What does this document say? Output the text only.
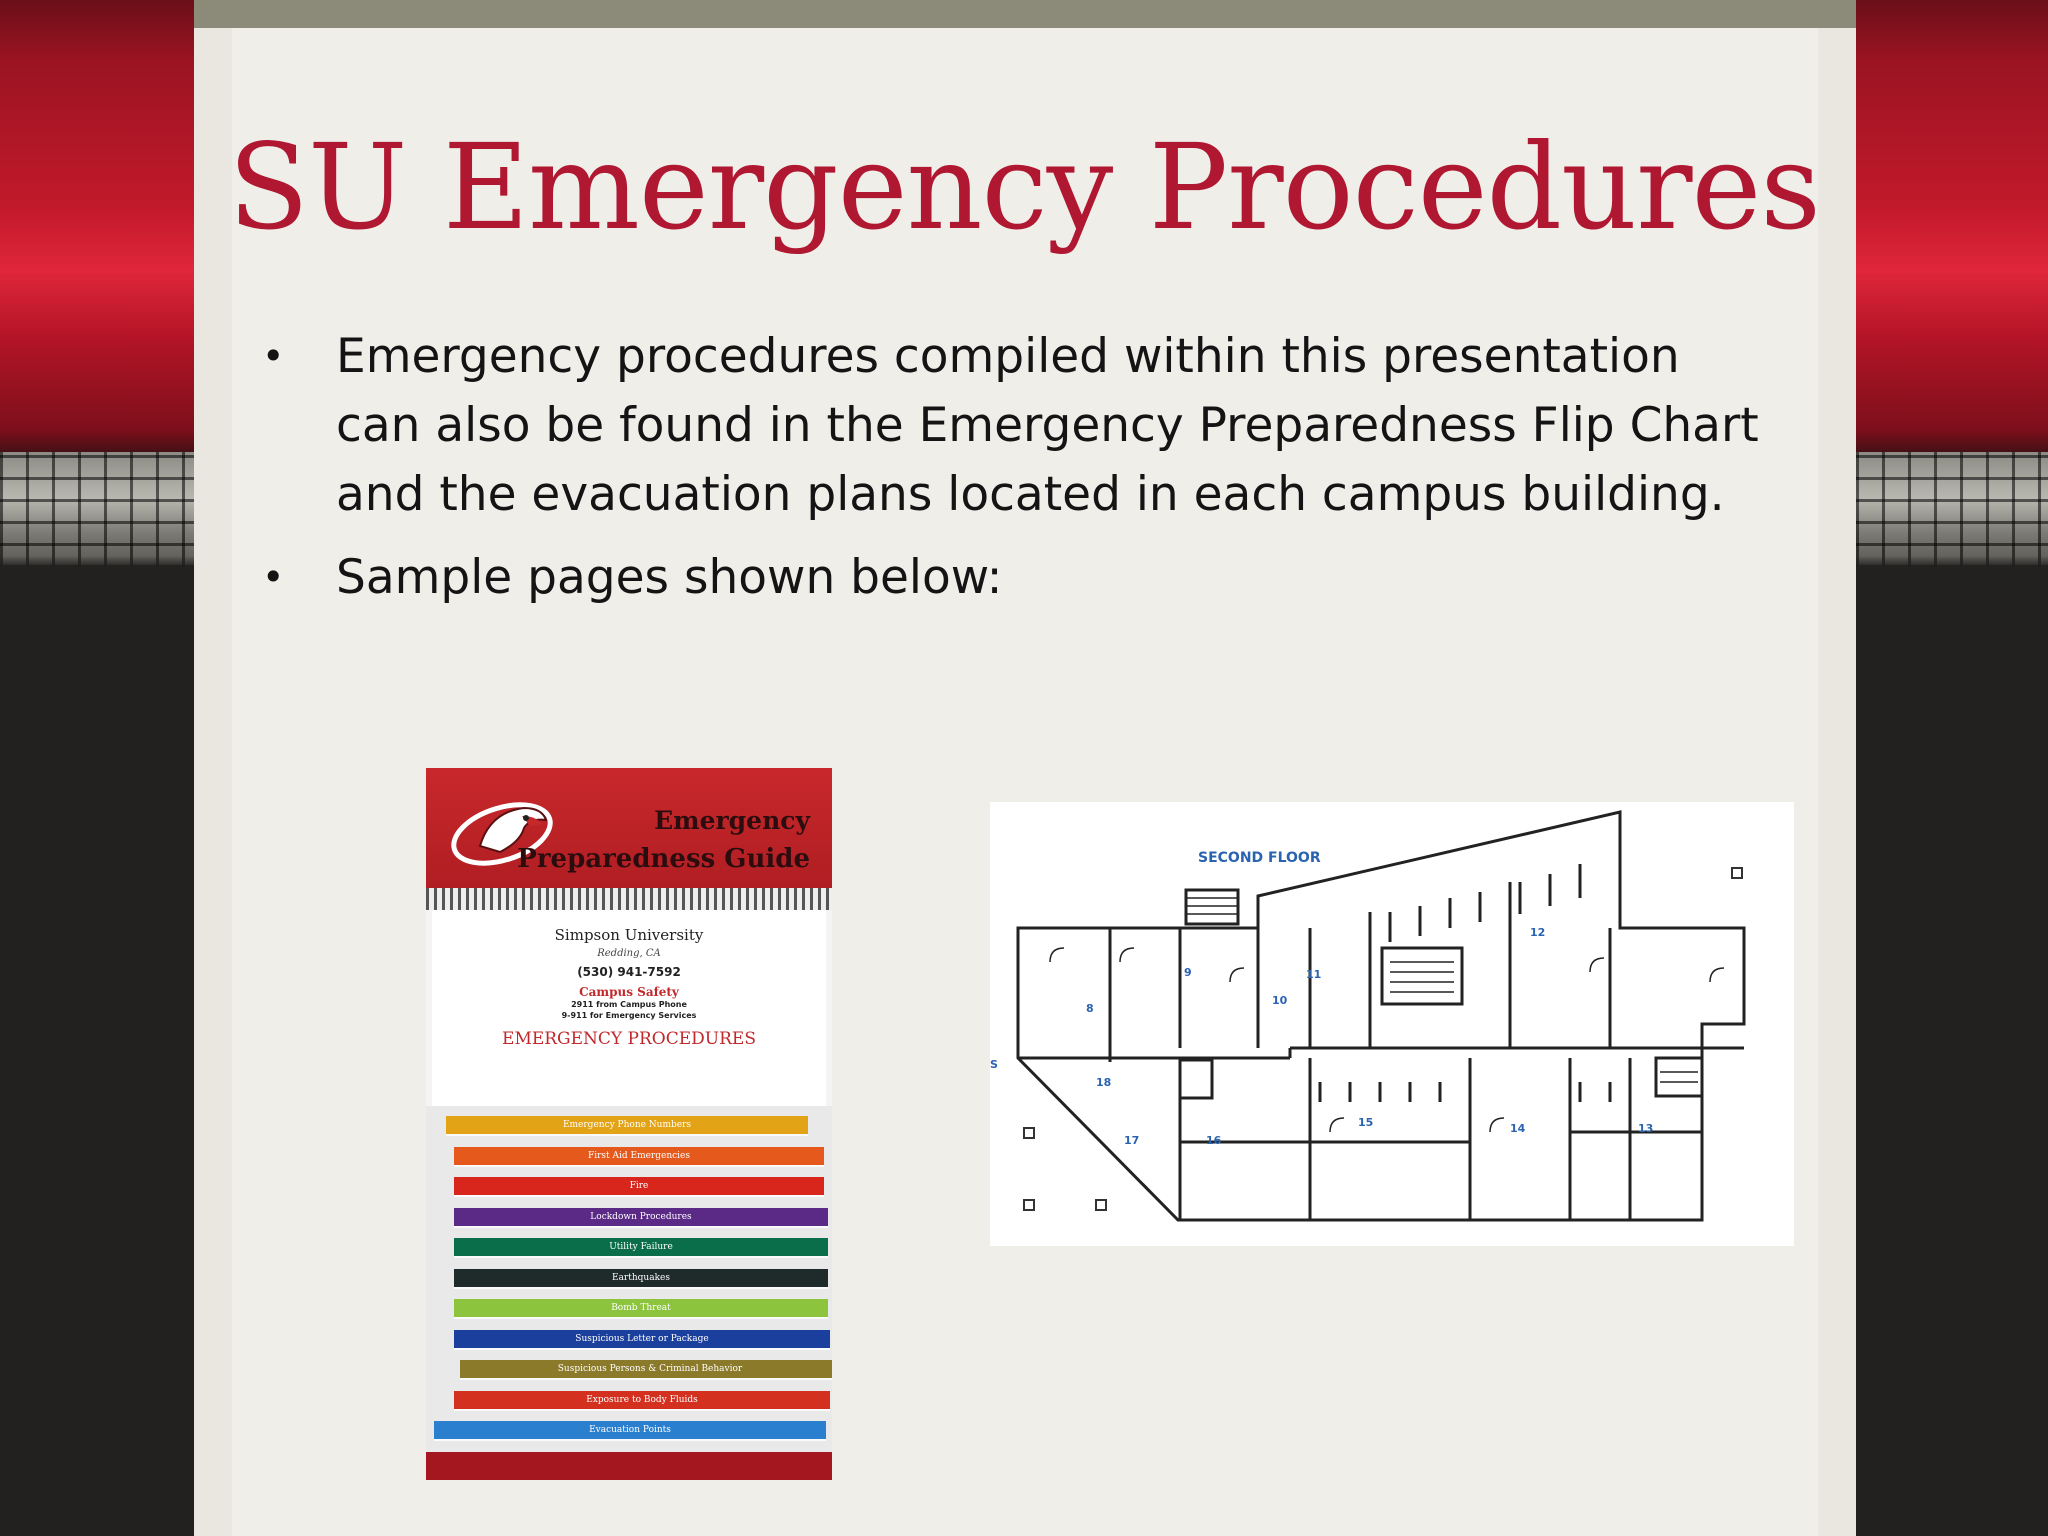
SU Emergency Procedures
• Emergency procedures compiled within this presentation can also be found in the Emergency Preparedness Flip Chart and the evacuation plans located in each campus building.
• Sample pages shown below:
Emergency
Preparedness Guide
Simpson University
Redding, CA
(530) 941-7592
Campus Safety
2911 from Campus Phone
9-911 for Emergency Services
EMERGENCY PROCEDURES
Emergency Phone Numbers
First Aid Emergencies
Fire
Lockdown Procedures
Utility Failure
Earthquakes
Bomb Threat
Suspicious Letter or Package
Suspicious Persons & Criminal Behavior
Exposure to Body Fluids
Evacuation Points
SECOND FLOOR
S
8
9
10
11
12
13
14
15
16
17
18
